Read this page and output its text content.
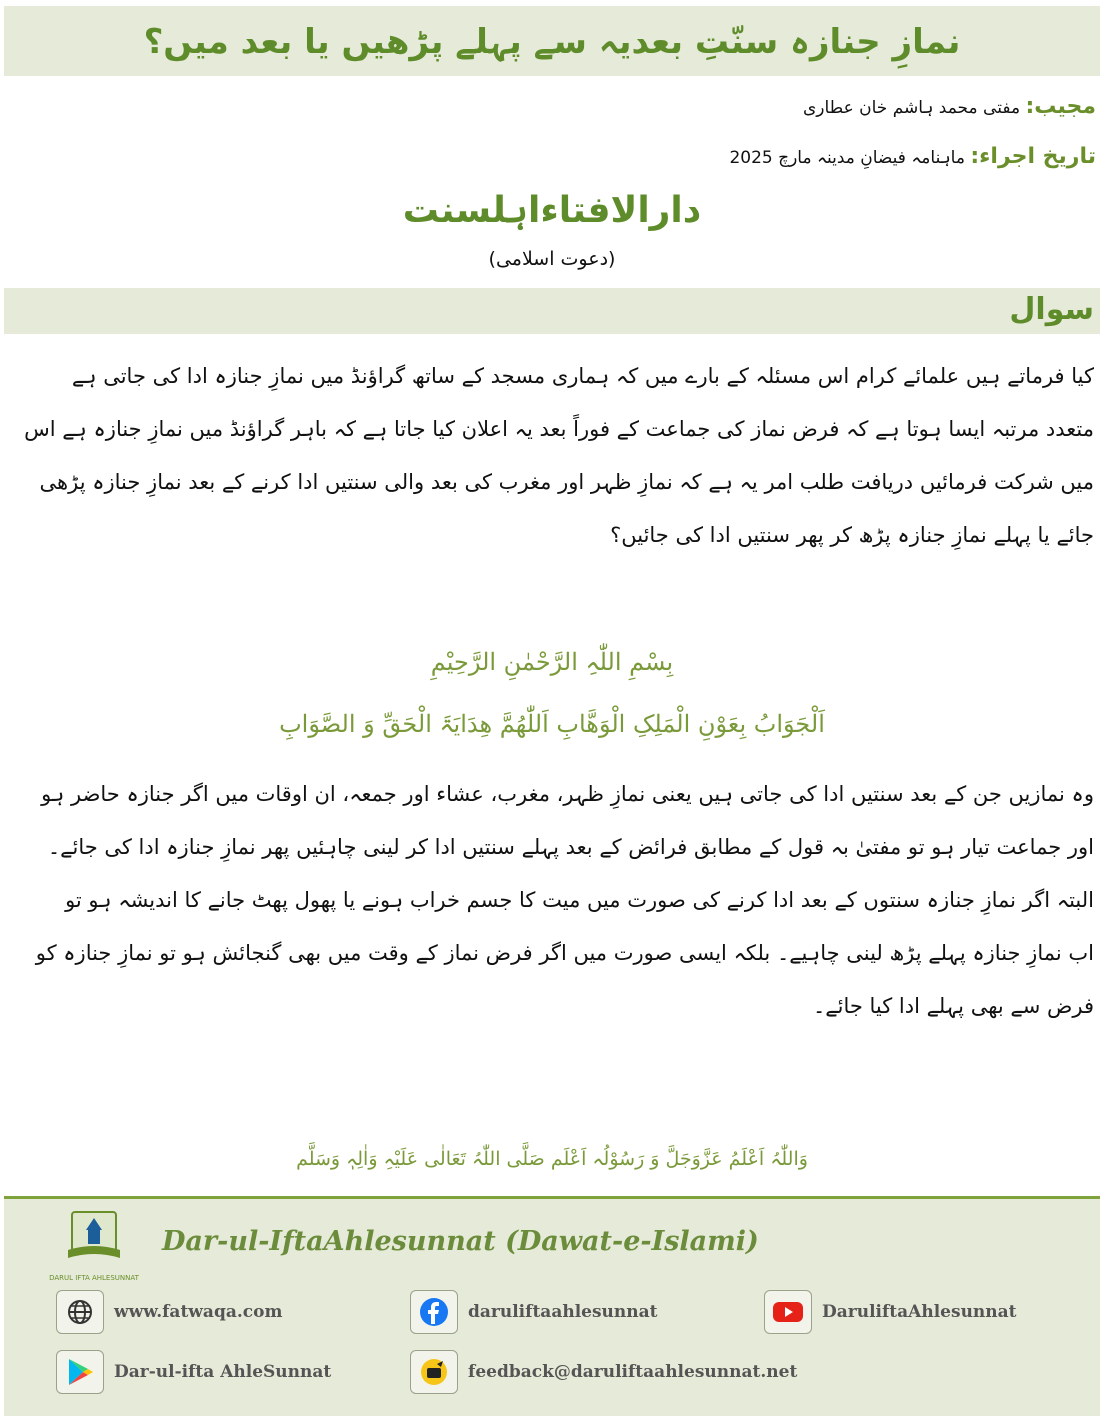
نمازِ جنازہ سنّتِ بعدیہ سے پہلے پڑھیں یا بعد میں؟
مجیب: مفتی محمد ہاشم خان عطاری
تاریخ اجراء: ماہنامہ فیضانِ مدینہ مارچ 2025
دارالافتاءاہلسنت
(دعوت اسلامی)
سوال
کیا فرماتے ہیں علمائے کرام اس مسئلہ کے بارے میں کہ ہماری مسجد کے ساتھ گراؤنڈ میں نمازِ جنازہ ادا کی جاتی ہے
متعدد مرتبہ ایسا ہوتا ہے کہ فرض نماز کی جماعت کے فوراً بعد یہ اعلان کیا جاتا ہے کہ باہر گراؤنڈ میں نمازِ جنازہ ہے اس
میں شرکت فرمائیں دریافت طلب امر یہ ہے کہ نمازِ ظہر اور مغرب کی بعد والی سنتیں ادا کرنے کے بعد نمازِ جنازہ پڑھی
جائے یا پہلے نمازِ جنازہ پڑھ کر پھر سنتیں ادا کی جائیں؟
بِسْمِ اللّٰہِ الرَّحْمٰنِ الرَّحِیْمِ
اَلْجَوَابُ بِعَوْنِ الْمَلِکِ الْوَھَّابِ اَللّٰھُمَّ ھِدَایَۃَ الْحَقِّ وَ الصَّوَابِ
وہ نمازیں جن کے بعد سنتیں ادا کی جاتی ہیں یعنی نمازِ ظہر، مغرب، عشاء اور جمعہ، ان اوقات میں اگر جنازہ حاضر ہو
اور جماعت تیار ہو تو مفتیٰ بہ قول کے مطابق فرائض کے بعد پہلے سنتیں ادا کر لینی چاہئیں پھر نمازِ جنازہ ادا کی جائے۔
البتہ اگر نمازِ جنازہ سنتوں کے بعد ادا کرنے کی صورت میں میت کا جسم خراب ہونے یا پھول پھٹ جانے کا اندیشہ ہو تو
اب نمازِ جنازہ پہلے پڑھ لینی چاہیے۔ بلکہ ایسی صورت میں اگر فرض نماز کے وقت میں بھی گنجائش ہو تو نمازِ جنازہ کو
فرض سے بھی پہلے ادا کیا جائے۔
وَاللّٰہُ اَعْلَمُ عَزَّوَجَلَّ وَ رَسُوْلُہ اَعْلَم صَلَّی اللّٰہُ تَعَالٰی عَلَیْہِ وَاٰلِہٖ وَسَلَّم
DARUL IFTA AHLESUNNAT
Dar-ul-IftaAhlesunnat (Dawat-e-Islami)
www.fatwaqa.com	daruliftaahlesunnat	DaruliftaAhlesunnat
Dar-ul-ifta AhleSunnat	feedback@daruliftaahlesunnat.net
